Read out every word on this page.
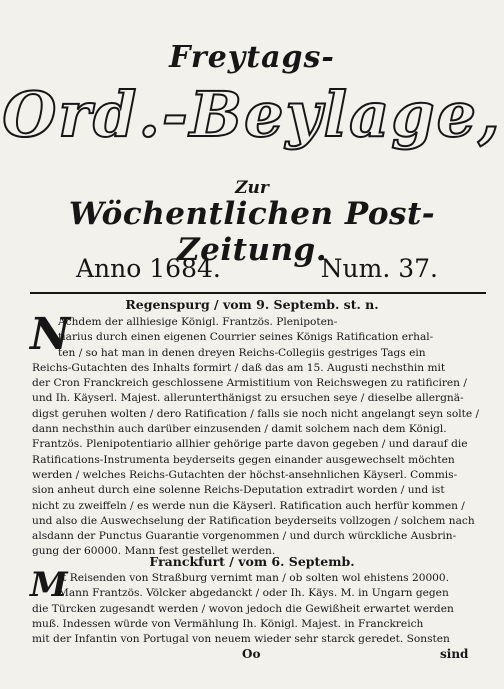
Freytags-
Ord.-Beylage,
Zur
Wöchentlichen Post-Zeitung.
Anno 1684.	Num. 37.
Regenspurg / vom 9. Septemb. st. n.
N
Achdem der allhiesige Königl. Frantzös. Plenipoten-
tiarius durch einen eigenen Courrier seines Königs Ratification erhal-
ten / so hat man in denen dreyen Reichs-Collegiis gestriges Tags ein
Reichs-Gutachten des Inhalts formirt / daß das am 15. Augusti nechsthin mit
der Cron Franckreich geschlossene Armistitium von Reichswegen zu ratificiren /
und Ih. Käyserl. Majest. allerunterthänigst zu ersuchen seye / dieselbe allergnä-
digst geruhen wolten / dero Ratification / falls sie noch nicht angelangt seyn solte /
dann nechsthin auch darüber einzusenden / damit solchem nach dem Königl.
Frantzös. Plenipotentiario allhier gehörige parte davon gegeben / und darauf die
Ratifications-Instrumenta beyderseits gegen einander ausgewechselt möchten
werden / welches Reichs-Gutachten der höchst-ansehnlichen Käyserl. Commis-
sion anheut durch eine solenne Reichs-Deputation extradirt worden / und ist
nicht zu zweiffeln / es werde nun die Käyserl. Ratification auch herfür kommen /
und also die Auswechselung der Ratification beyderseits vollzogen / solchem nach
alsdann der Punctus Guarantie vorgenommen / und durch würckliche Ausbrin-
gung der 60000. Mann fest gestellet werden.
Franckfurt / vom 6. Septemb.
M
It Reisenden von Straßburg vernimt man / ob solten wol ehistens 20000.
Mann Frantzös. Völcker abgedanckt / oder Ih. Käys. M. in Ungarn gegen
die Türcken zugesandt werden / wovon jedoch die Gewißheit erwartet werden
muß. Indessen würde von Vermählung Ih. Königl. Majest. in Franckreich
mit der Infantin von Portugal von neuem wieder sehr starck geredet. Sonsten
Oo	sind
